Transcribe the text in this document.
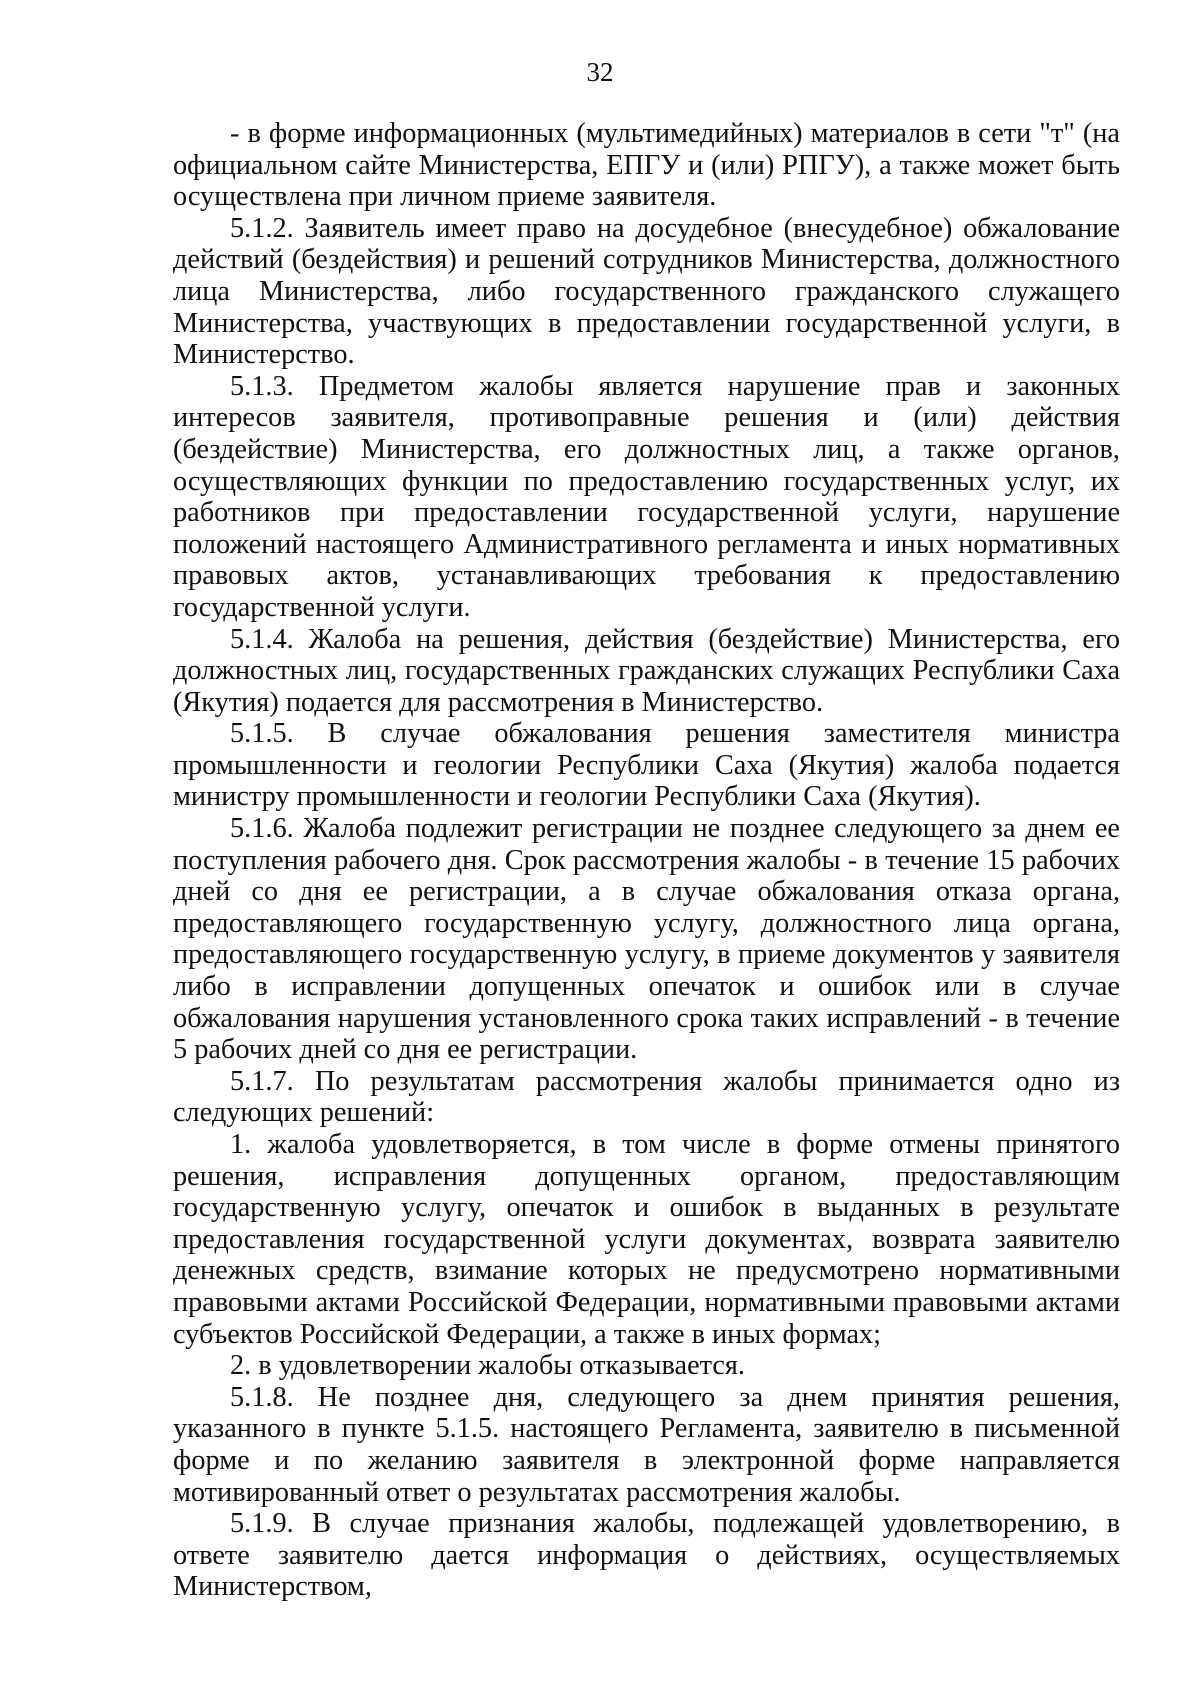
32

- в форме информационных (мультимедийных) материалов в сети "т" (на официальном сайте Министерства, ЕПГУ и (или) РПГУ), а также может быть осуществлена при личном приеме заявителя.

5.1.2. Заявитель имеет право на досудебное (внесудебное) обжалование действий (бездействия) и решений сотрудников Министерства, должностного лица Министерства, либо государственного гражданского служащего Министерства, участвующих в предоставлении государственной услуги, в Министерство.

5.1.3. Предметом жалобы является нарушение прав и законных интересов заявителя, противоправные решения и (или) действия (бездействие) Министерства, его должностных лиц, а также органов, осуществляющих функции по предоставлению государственных услуг, их работников при предоставлении государственной услуги, нарушение положений настоящего Административного регламента и иных нормативных правовых актов, устанавливающих требования к предоставлению государственной услуги.

5.1.4. Жалоба на решения, действия (бездействие) Министерства, его должностных лиц, государственных гражданских служащих Республики Саха (Якутия) подается для рассмотрения в Министерство.

5.1.5. В случае обжалования решения заместителя министра промышленности и геологии Республики Саха (Якутия) жалоба подается министру промышленности и геологии Республики Саха (Якутия).

5.1.6. Жалоба подлежит регистрации не позднее следующего за днем ее поступления рабочего дня. Срок рассмотрения жалобы - в течение 15 рабочих дней со дня ее регистрации, а в случае обжалования отказа органа, предоставляющего государственную услугу, должностного лица органа, предоставляющего государственную услугу, в приеме документов у заявителя либо в исправлении допущенных опечаток и ошибок или в случае обжалования нарушения установленного срока таких исправлений - в течение 5 рабочих дней со дня ее регистрации.

5.1.7. По результатам рассмотрения жалобы принимается одно из следующих решений:

1. жалоба удовлетворяется, в том числе в форме отмены принятого решения, исправления допущенных органом, предоставляющим государственную услугу, опечаток и ошибок в выданных в результате предоставления государственной услуги документах, возврата заявителю денежных средств, взимание которых не предусмотрено нормативными правовыми актами Российской Федерации, нормативными правовыми актами субъектов Российской Федерации, а также в иных формах;

2. в удовлетворении жалобы отказывается.

5.1.8. Не позднее дня, следующего за днем принятия решения, указанного в пункте 5.1.5. настоящего Регламента, заявителю в письменной форме и по желанию заявителя в электронной форме направляется мотивированный ответ о результатах рассмотрения жалобы.

5.1.9. В случае признания жалобы, подлежащей удовлетворению, в ответе заявителю дается информация о действиях, осуществляемых Министерством,
